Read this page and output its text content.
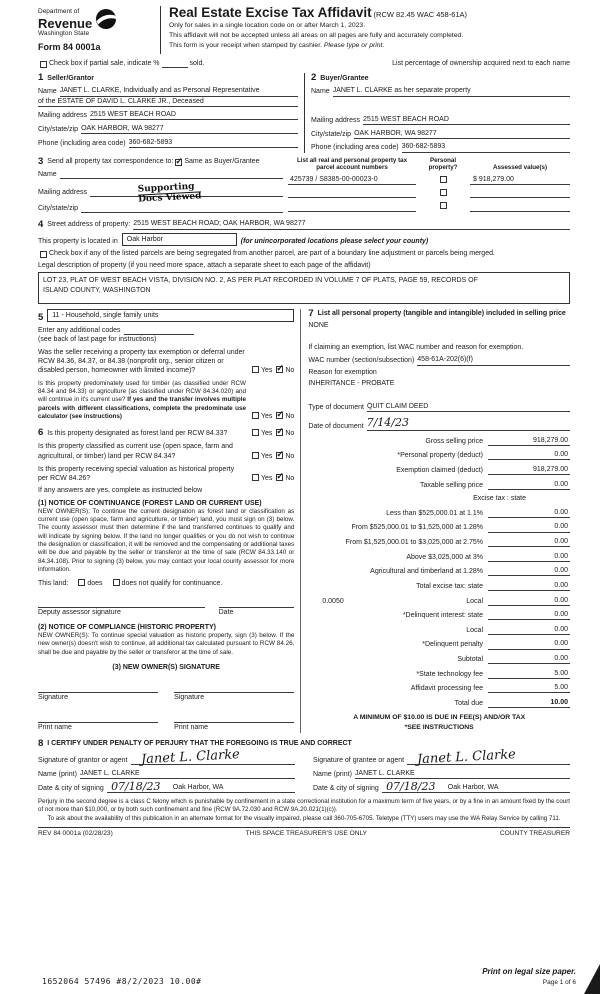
Department of
Revenue
Washington State
Form 84 0001a
Real Estate Excise Tax Affidavit (RCW 82.45 WAC 458-61A)
Only for sales in a single location code on or after March 1, 2023.
This affidavit will not be accepted unless all areas on all pages are fully and accurately completed.
This form is your receipt when stamped by cashier. Please type or print.
Check box if partial sale, indicate %	sold.	List percentage of ownership acquired next to each name
1 Seller/Grantor
Name JANET L. CLARKE, Individually and as Personal Representative
of the ESTATE OF DAVID L. CLARKE JR., Deceased
Mailing address 2515 WEST BEACH ROAD
City/state/zip OAK HARBOR, WA 98277
Phone (including area code) 360-682-5893
2 Buyer/Grantee
Name JANET L. CLARKE as her separate property
Mailing address 2515 WEST BEACH ROAD
City/state/zip OAK HARBOR, WA 98277
Phone (including area code) 360-682-5893
3 Send all property tax correspondence to: ✓ Same as Buyer/Grantee
Name
Mailing address
City/state/zip
Supporting
Docs Viewed
List all real and personal property tax parcel account numbers
Personal property?	Assessed value(s)
425739 / S8385-00-00023-0	$ 918,279.00
4 Street address of property: 2515 WEST BEACH ROAD; OAK HARBOR, WA 98277
This property is located in	Oak Harbor	(for unincorporated locations please select your county)
Check box if any of the listed parcels are being segregated from another parcel, are part of a boundary line adjustment or parcels being merged.
Legal description of property (if you need more space, attach a separate sheet to each page of the affidavit)
LOT 23, PLAT OF WEST BEACH VISTA, DIVISION NO. 2, AS PER PLAT RECORDED IN VOLUME 7 OF PLATS, PAGE 59, RECORDS OF
ISLAND COUNTY, WASHINGTON
5	11 - Household, single family units
Enter any additional codes
(see back of last page for instructions)
Was the seller receiving a property tax exemption or deferral under RCW 84.36, 84.37, or 84.38 (nonprofit org., senior citizen or disabled person, homeowner with limited income)?	Yes ✓ No
Is this property predominately used for timber (as classified under RCW 84.34 and 84.33) or agriculture (as classified under RCW 84.34.020) and will continue in it's current use? If yes and the transfer involves multiple parcels with different classifications, complete the predominate use calculator (see instructions)	Yes ✓ No
6 Is this property designated as forest land per RCW 84.33?	Yes ✓ No
Is this property classified as current use (open space, farm and agricultural, or timber) land per RCW 84.34?	Yes ✓ No
Is this property receiving special valuation as historical property per RCW 84.26?	Yes ✓ No
If any answers are yes, complete as instructed below
(1) NOTICE OF CONTINUANCE (FOREST LAND OR CURRENT USE)
NEW OWNER(S): To continue the current designation as forest land or classification as current use (open space, farm and agriculture, or timber) land, you must sign on (3) below. The county assessor must then determine if the land transferred continues to qualify and will indicate by signing below. If the land no longer qualifies or you do not wish to continue the designation or classification, it will be removed and the compensating or additional taxes will be due and payable by the seller or transferor at the time of sale (RCW 84.33.140 or 84.34.108). Prior to signing (3) below, you may contact your local county assessor for more information.
This land:	does	does not qualify for continuance.
Deputy assessor signature	Date
(2) NOTICE OF COMPLIANCE (HISTORIC PROPERTY)
NEW OWNER(S): To continue special valuation as historic property, sign (3) below. If the new owner(s) doesn't wish to continue, all additional tax calculated pursuant to RCW 84.26, shall be due and payable by the seller or transferor at the time of sale.
(3) NEW OWNER(S) SIGNATURE
Signature	Signature
Print name	Print name
7 List all personal property (tangible and intangible) included in selling price
NONE
If claiming an exemption, list WAC number and reason for exemption.
WAC number (section/subsection) 458-61A-202(6)(f)
Reason for exemption
INHERITANCE - PROBATE
Type of document QUIT CLAIM DEED
Date of document 7/14/23
Gross selling price	918,279.00
*Personal property (deduct)	0.00
Exemption claimed (deduct)	918,279.00
Taxable selling price	0.00
Excise tax : state
Less than $525,000.01 at 1.1%	0.00
From $525,000.01 to $1,525,000 at 1.28%	0.00
From $1,525,000.01 to $3,025,000 at 2.75%	0.00
Above $3,025,000 at 3%	0.00
Agricultural and timberland at 1.28%	0.00
Total excise tax: state	0.00
0.0050	Local	0.00
*Delinquent interest: state	0.00
Local	0.00
*Delinquent penalty	0.00
Subtotal	0.00
*State technology fee	5.00
Affidavit processing fee	5.00
Total due	10.00
A MINIMUM OF $10.00 IS DUE IN FEE(S) AND/OR TAX
*SEE INSTRUCTIONS
8 I CERTIFY UNDER PENALTY OF PERJURY THAT THE FOREGOING IS TRUE AND CORRECT
Signature of grantor or agent Janet L. Clarke
Name (print) JANET L. CLARKE
Date & city of signing 07/18/23	Oak Harbor, WA
Signature of grantee or agent Janet L. Clarke
Name (print) JANET L. CLARKE
Date & city of signing 07/18/23	Oak Harbor, WA
Perjury in the second degree is a class C felony which is punishable by confinement in a state correctional institution for a maximum term of five years, or by a fine in an amount fixed by the court of not more than $10,000, or by both such confinement and fine (RCW 9A.72.030 and RCW 9A.20.021(1)(c)).
To ask about the availability of this publication in an alternate format for the visually impaired, please call 360-705-6705. Teletype (TTY) users may use the WA Relay Service by calling 711.
REV 84 0001a (02/28/23)	THIS SPACE TREASURER'S USE ONLY	COUNTY TREASURER
1652064 57496 #8/2/2023 10.00#
Print on legal size paper.
Page 1 of 6
